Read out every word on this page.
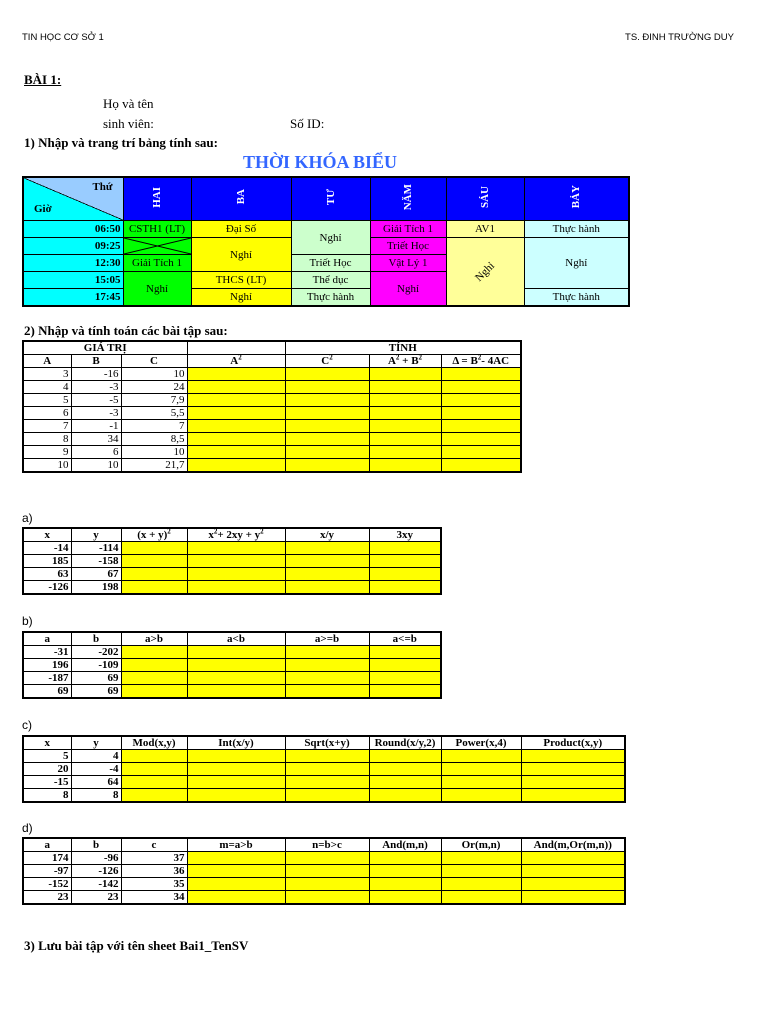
TIN HỌC CƠ SỞ 1	TS. ĐINH TRƯỜNG DUY
BÀI 1:
Họ và tên
sinh viên:	Số ID:
1) Nhập và trang trí bảng tính sau:
THỜI KHÓA BIỂU
Thứ
Giờ	HAI	BA	TƯ	NĂM	SÁU	BẢY
06:50	CSTH1 (LT)	Đại Số	Nghỉ	Giải Tích 1	AV1	Thực hành
09:25		Nghỉ		Triết Học	Nghỉ	Nghỉ
12:30	Giải Tích 1		Triết Học	Vật Lý 1		
15:05	Nghỉ	THCS (LT)	Thể dục	Nghỉ		
17:45		Nghỉ	Thực hành			Thực hành
2) Nhập và tính toán các bài tập sau:
GIÁ TRỊ				TÍNH		
A	B	C	$A^2$	$C^2$	$A^2 + B^2$	$\Delta = B^2-$ 4AC
3	-16	10				
4	-3	24				
5	-5	7,9				
6	-3	5,5				
7	-1	7				
8	34	8,5				
9	6	10				
10	10	21,7				
a)
x	y	$(x + y)^2$	$x^2+ 2xy + y^2$	x/y	3xy
-14	-114				
185	-158				
63	67				
-126	198				
b)
a	b	a>b	a<b	a>=b	a<=b
-31	-202				
196	-109				
-187	69				
69	69				
c)
x	y	Mod(x,y)	Int(x/y)	Sqrt(x+y)	Round(x/y,2)	Power(x,4)	Product(x,y)
5	4						
20	-4						
-15	64						
8	8						
d)
a	b	c	m=a>b	n=b>c	And(m,n)	Or(m,n)	And(m,Or(m,n))
174	-96	37					
-97	-126	36					
-152	-142	35					
23	23	34					
3) Lưu bài tập với tên sheet Bai1_TenSV
